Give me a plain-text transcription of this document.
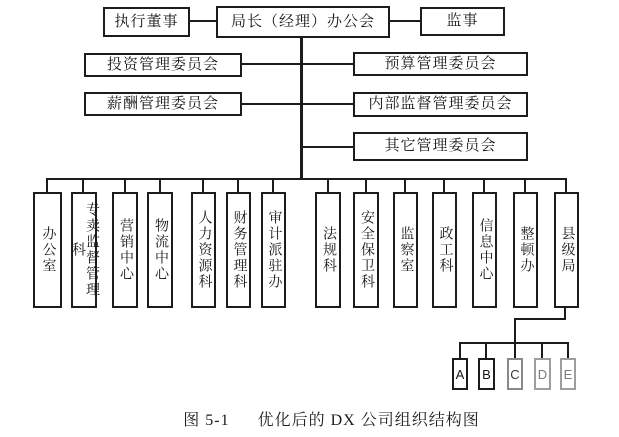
执行董事	局长（经理）办公会	监事
投资管理委员会
薪酬管理委员会
预算管理委员会
内部监督管理委员会
其它管理委员会
办公室	专卖监督管理科	营销中心	物流中心	人力资源科	财务管理科	审计派驻办	法规科	安全保卫科	监察室	政工科	信息中心	整顿办	县级局
A	B	C D E
图 5-1 优化后的 DX 公司组织结构图
